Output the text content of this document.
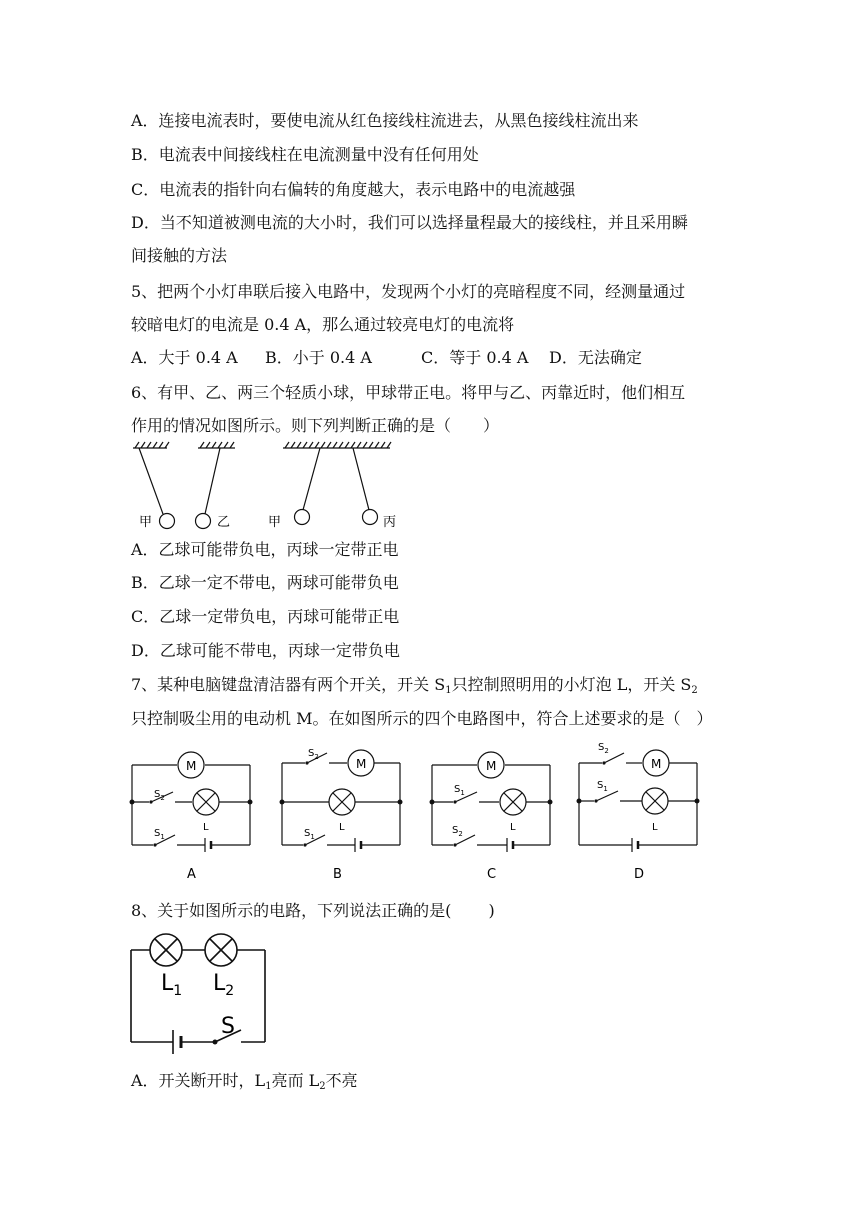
A．连接电流表时，要使电流从红色接线柱流进去，从黑色接线柱流出来
B．电流表中间接线柱在电流测量中没有任何用处
C．电流表的指针向右偏转的角度越大，表示电路中的电流越强
D．当不知道被测电流的大小时，我们可以选择量程最大的接线柱，并且采用瞬
间接触的方法
5、把两个小灯串联后接入电路中，发现两个小灯的亮暗程度不同，经测量通过
较暗电灯的电流是 0.4 A，那么通过较亮电灯的电流将
A．大于 0.4 A B．小于 0.4 A	C．等于 0.4 A D．无法确定
6、有甲、乙、两三个轻质小球，甲球带正电。将甲与乙、丙靠近时，他们相互
作用的情况如图所示。则下列判断正确的是（　　）
甲	乙	甲	丙
A．乙球可能带负电，丙球一定带正电
B．乙球一定不带电，两球可能带负电
C．乙球一定带负电，丙球可能带正电
D．乙球可能不带电，丙球一定带负电
7、某种电脑键盘清洁器有两个开关，开关 $S_1$只控制照明用的小灯泡 L，开关 $S_2$
只控制吸尘用的电动机 M。在如图所示的四个电路图中，符合上述要求的是（　）
M
$S_2$
L
$S_1$
A
M
$S_2$
L
$S_1$
B
M
$S_1$
L
$S_2$
C
M
$S_2$
L
$S_1$
D
8、关于如图所示的电路，下列说法正确的是(　　 )
$L_1$ $L_2$
S
A．开关断开时，$L_1$亮而 $L_2$不亮
